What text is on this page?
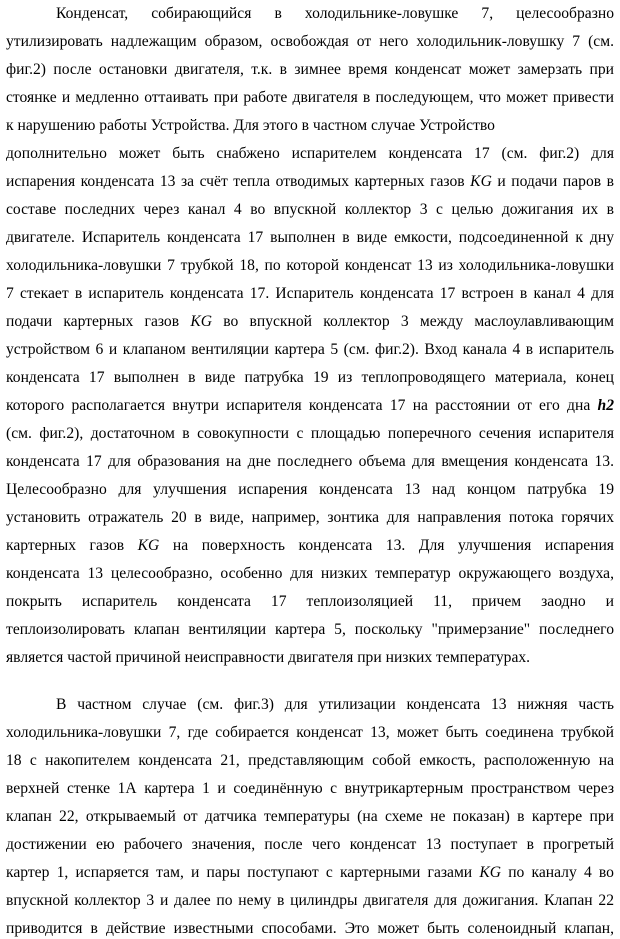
Конденсат, собирающийся в холодильнике-ловушке 7, целесообразно
утилизировать надлежащим образом, освобождая от него холодильник-ловушку 7 (см.
фиг.2) после остановки двигателя, т.к. в зимнее время конденсат может замерзать при
стоянке и медленно оттаивать при работе двигателя в последующем, что может привести
к нарушению работы Устройства. Для этого в частном случае Устройство
дополнительно может быть снабжено испарителем конденсата 17 (см. фиг.2) для
испарения конденсата 13 за счёт тепла отводимых картерных газов KG и подачи паров в
составе последних через канал 4 во впускной коллектор 3 с целью дожигания их в
двигателе. Испаритель конденсата 17 выполнен в виде емкости, подсоединенной к дну
холодильника-ловушки 7 трубкой 18, по которой конденсат 13 из холодильника-ловушки
7 стекает в испаритель конденсата 17. Испаритель конденсата 17 встроен в канал 4 для
подачи картерных газов KG во впускной коллектор 3 между маслоулавливающим
устройством 6 и клапаном вентиляции картера 5 (см. фиг.2). Вход канала 4 в испаритель
конденсата 17 выполнен в виде патрубка 19 из теплопроводящего материала, конец
которого располагается внутри испарителя конденсата 17 на расстоянии от его дна h2
(см. фиг.2), достаточном в совокупности с площадью поперечного сечения испарителя
конденсата 17 для образования на дне последнего объема для вмещения конденсата 13.
Целесообразно для улучшения испарения конденсата 13 над концом патрубка 19
установить отражатель 20 в виде, например, зонтика для направления потока горячих
картерных газов KG на поверхность конденсата 13. Для улучшения испарения
конденсата 13 целесообразно, особенно для низких температур окружающего воздуха,
покрыть испаритель конденсата 17 теплоизоляцией 11, причем заодно и
теплоизолировать клапан вентиляции картера 5, поскольку "примерзание" последнего
является частой причиной неисправности двигателя при низких температурах.
В частном случае (см. фиг.3) для утилизации конденсата 13 нижняя часть
холодильника-ловушки 7, где собирается конденсат 13, может быть соединена трубкой
18 с накопителем конденсата 21, представляющим собой емкость, расположенную на
верхней стенке 1А картера 1 и соединённую с внутрикартерным пространством через
клапан 22, открываемый от датчика температуры (на схеме не показан) в картере при
достижении ею рабочего значения, после чего конденсат 13 поступает в прогретый
картер 1, испаряется там, и пары поступают с картерными газами KG по каналу 4 во
впускной коллектор 3 и далее по нему в цилиндры двигателя для дожигания. Клапан 22
приводится в действие известными способами. Это может быть соленоидный клапан,
